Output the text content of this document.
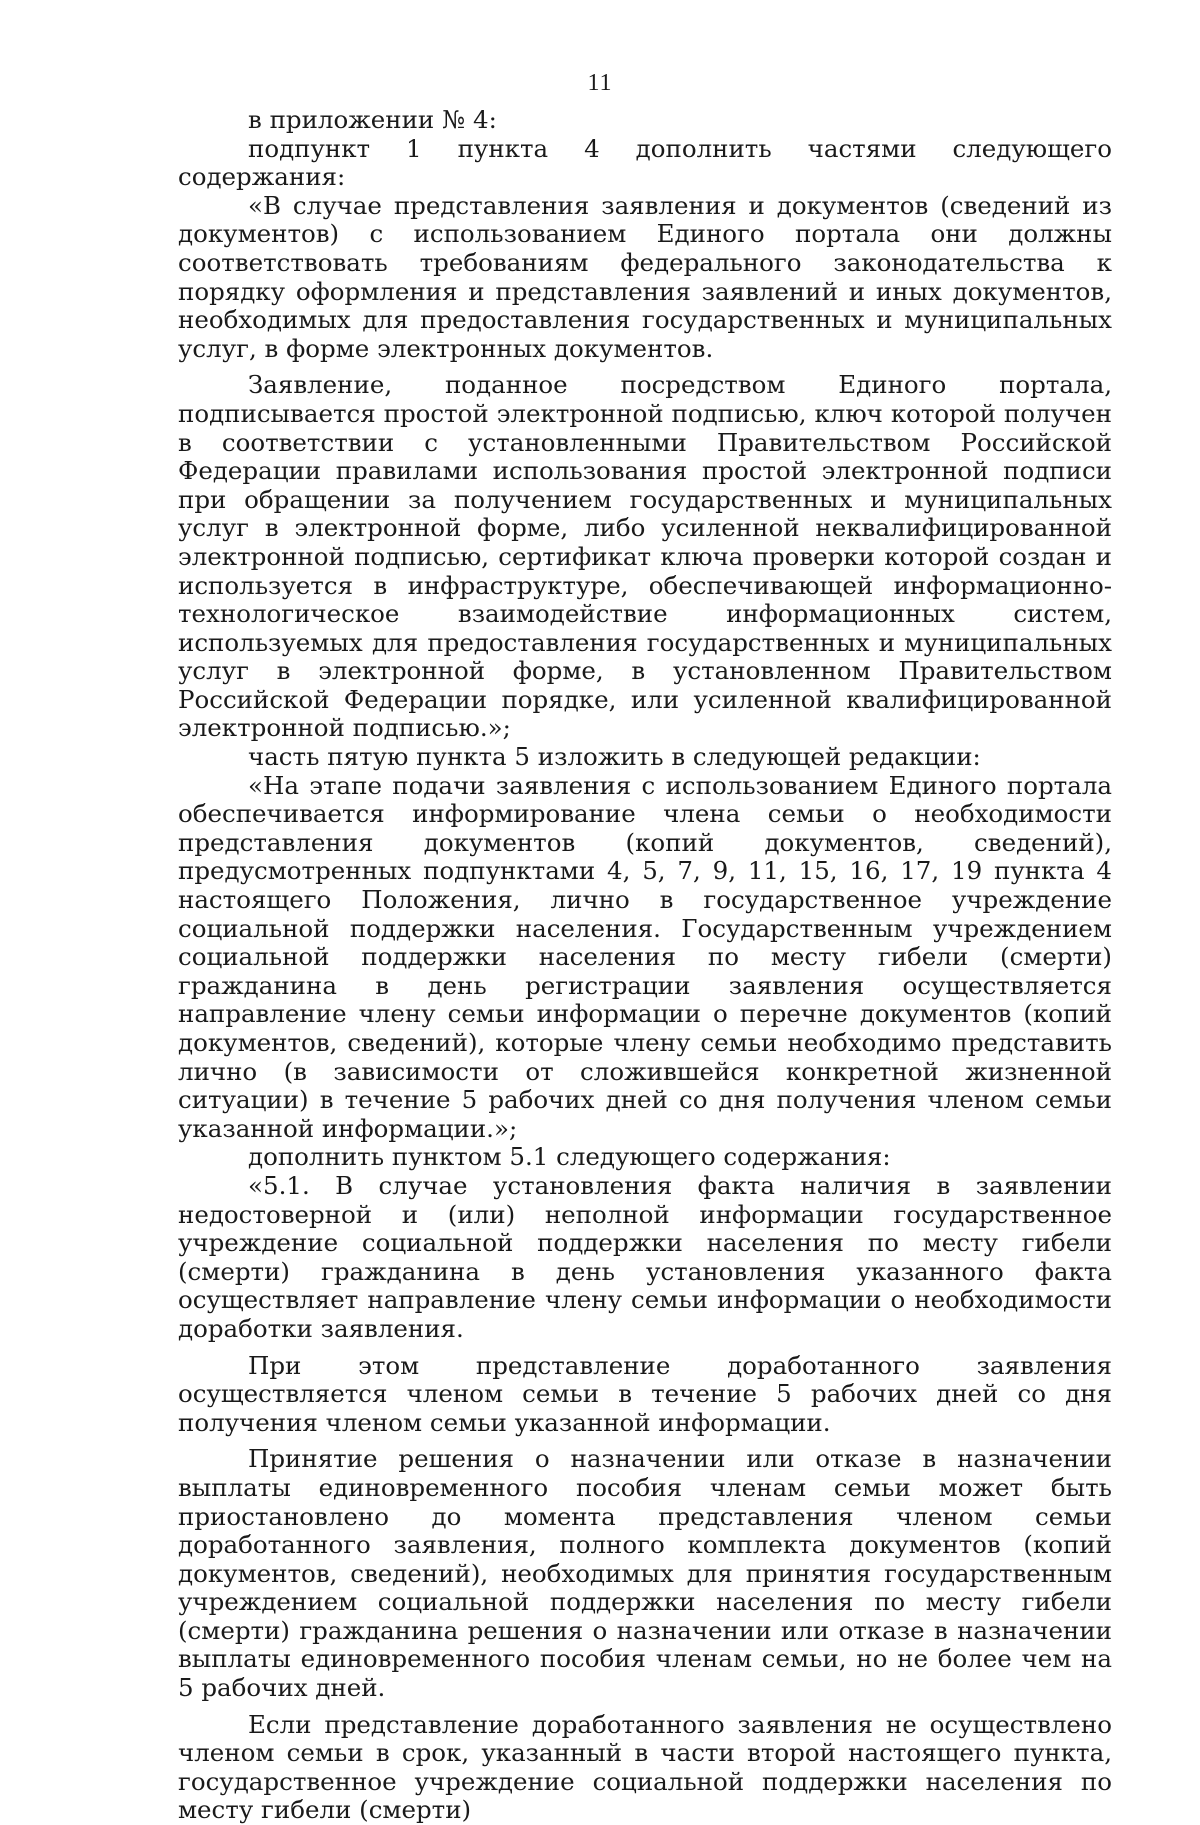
11

в приложении № 4:

подпункт 1 пункта 4 дополнить частями следующего содержания:

«В случае представления заявления и документов (сведений из документов) с использованием Единого портала они должны соответствовать требованиям федерального законодательства к порядку оформления и представления заявлений и иных документов, необходимых для предоставления государственных и муниципальных услуг, в форме электронных документов.

Заявление, поданное посредством Единого портала, подписывается простой электронной подписью, ключ которой получен в соответствии с установленными Правительством Российской Федерации правилами использования простой электронной подписи при обращении за получением государственных и муниципальных услуг в электронной форме, либо усиленной неквалифицированной электронной подписью, сертификат ключа проверки которой создан и используется в инфраструктуре, обеспечивающей информационно-технологическое взаимодействие информационных систем, используемых для предоставления государственных и муниципальных услуг в электронной форме, в установленном Правительством Российской Федерации порядке, или усиленной квалифицированной электронной подписью.»;

часть пятую пункта 5 изложить в следующей редакции:

«На этапе подачи заявления с использованием Единого портала обеспечивается информирование члена семьи о необходимости представления документов (копий документов, сведений), предусмотренных подпунктами 4, 5, 7, 9, 11, 15, 16, 17, 19 пункта 4 настоящего Положения, лично в государственное учреждение социальной поддержки населения. Государственным учреждением социальной поддержки населения по месту гибели (смерти) гражданина в день регистрации заявления осуществляется направление члену семьи информации о перечне документов (копий документов, сведений), которые члену семьи необходимо представить лично (в зависимости от сложившейся конкретной жизненной ситуации) в течение 5 рабочих дней со дня получения членом семьи указанной информации.»;

дополнить пунктом 5.1 следующего содержания:

«5.1. В случае установления факта наличия в заявлении недостоверной и (или) неполной информации государственное учреждение социальной поддержки населения по месту гибели (смерти) гражданина в день установления указанного факта осуществляет направление члену семьи информации о необходимости доработки заявления.

При этом представление доработанного заявления осуществляется членом семьи в течение 5 рабочих дней со дня получения членом семьи указанной информации.

Принятие решения о назначении или отказе в назначении выплаты единовременного пособия членам семьи может быть приостановлено до момента представления членом семьи доработанного заявления, полного комплекта документов (копий документов, сведений), необходимых для принятия государственным учреждением социальной поддержки населения по месту гибели (смерти) гражданина решения о назначении или отказе в назначении выплаты единовременного пособия членам семьи, но не более чем на 5 рабочих дней.

Если представление доработанного заявления не осуществлено членом семьи в срок, указанный в части второй настоящего пункта, государственное учреждение социальной поддержки населения по месту гибели (смерти)
